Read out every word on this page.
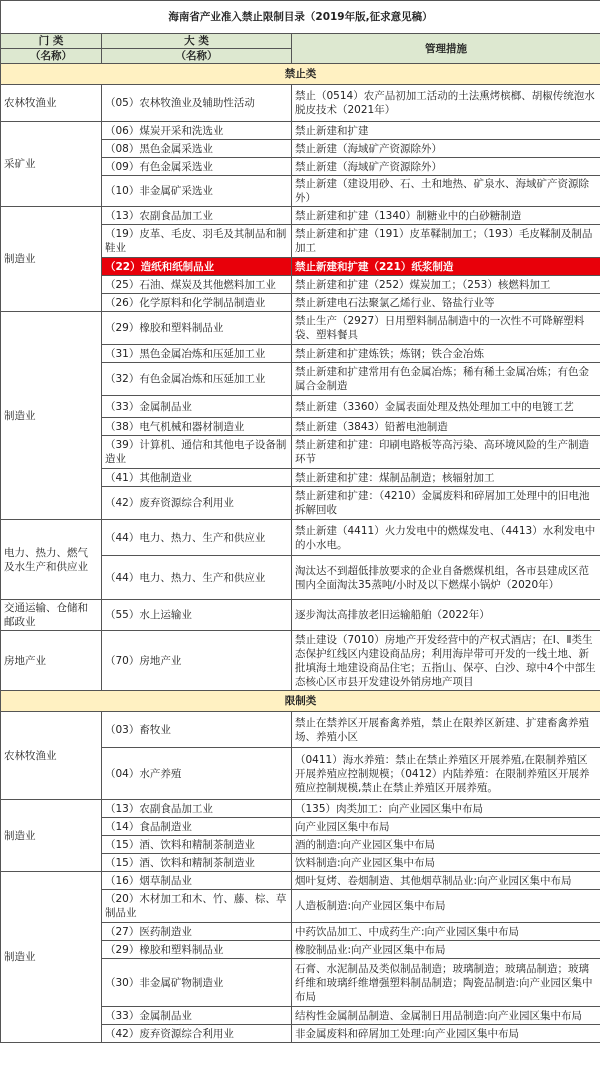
海南省产业准入禁止限制目录（2019年版,征求意见稿）		
门 类	大 类	管理措施
（名称）	（名称）	
禁止类		
农林牧渔业	（05）农林牧渔业及辅助性活动	禁止（0514）农产品初加工活动的土法熏烤槟榔、胡椒传统泡水脱皮技术（2021年）
采矿业	（06）煤炭开采和洗选业	禁止新建和扩建
	（08）黑色金属采选业	禁止新建（海域矿产资源除外）
	（09）有色金属采选业	禁止新建（海域矿产资源除外）
	（10）非金属矿采选业	禁止新建（建设用砂、石、土和地热、矿泉水、海域矿产资源除外）
制造业	（13）农副食品加工业	禁止新建和扩建（1340）制糖业中的白砂糖制造
	（19）皮革、毛皮、羽毛及其制品和制鞋业	禁止新建和扩建（191）皮革鞣制加工；（193）毛皮鞣制及制品加工
	（22）造纸和纸制品业	禁止新建和扩建（221）纸浆制造
	（25）石油、煤炭及其他燃料加工业	禁止新建和扩建（252）煤炭加工；（253）核燃料加工
	（26）化学原料和化学制品制造业	禁止新建电石法聚氯乙烯行业、铬盐行业等
制造业	（29）橡胶和塑料制品业	禁止生产（2927）日用塑料制品制造中的一次性不可降解塑料袋、塑料餐具
	（31）黑色金属冶炼和压延加工业	禁止新建和扩建炼铁；炼钢；铁合金冶炼
	（32）有色金属冶炼和压延加工业	禁止新建和扩建常用有色金属冶炼；稀有稀土金属冶炼；有色金属合金制造
	（33）金属制品业	禁止新建（3360）金属表面处理及热处理加工中的电镀工艺
	（38）电气机械和器材制造业	禁止新建（3843）铅蓄电池制造
	（39）计算机、通信和其他电子设备制造业	禁止新建和扩建：印刷电路板等高污染、高环境风险的生产制造环节
	（41）其他制造业	禁止新建和扩建：煤制品制造；核辐射加工
	（42）废弃资源综合利用业	禁止新建和扩建：（4210）金属废料和碎屑加工处理中的旧电池拆解回收
电力、热力、燃气及水生产和供应业	（44）电力、热力、生产和供应业	禁止新建（4411）火力发电中的燃煤发电、（4413）水利发电中的小水电。
	（44）电力、热力、生产和供应业	淘汰达不到超低排放要求的企业自备燃煤机组，各市县建成区范围内全面淘汰35蒸吨/小时及以下燃煤小锅炉（2020年）
交通运输、仓储和邮政业	（55）水上运输业	逐步淘汰高排放老旧运输船舶（2022年）
房地产业	（70）房地产业	禁止建设（7010）房地产开发经营中的产权式酒店；在Ⅰ、Ⅱ类生态保护红线区内建设商品房；利用海岸带可开发的一线土地、新批填海土地建设商品住宅；五指山、保亭、白沙、琼中4个中部生态核心区市县开发建设外销房地产项目
限制类		
农林牧渔业	（03）畜牧业	禁止在禁养区开展畜禽养殖，禁止在限养区新建、扩建畜禽养殖场、养殖小区
	（04）水产养殖	（0411）海水养殖：禁止在禁止养殖区开展养殖,在限制养殖区开展养殖应控制规模；（0412）内陆养殖：在限制养殖区开展养殖应控制规模,禁止在禁止养殖区开展养殖。
制造业	（13）农副食品加工业	（135）肉类加工：向产业园区集中布局
	（14）食品制造业	向产业园区集中布局
	（15）酒、饮料和精制茶制造业	酒的制造:向产业园区集中布局
	（15）酒、饮料和精制茶制造业	饮料制造:向产业园区集中布局
制造业	（16）烟草制品业	烟叶复烤、卷烟制造、其他烟草制品业:向产业园区集中布局
	（20）木材加工和木、竹、藤、棕、草制品业	人造板制造:向产业园区集中布局
	（27）医药制造业	中药饮品加工、中成药生产:向产业园区集中布局
	（29）橡胶和塑料制品业	橡胶制品业:向产业园区集中布局
	（30）非金属矿物制造业	石膏、水泥制品及类似制品制造；玻璃制造；玻璃品制造；玻璃纤维和玻璃纤维增强塑料制品制造；陶瓷品制造:向产业园区集中布局
	（33）金属制品业	结构性金属制品制造、金属制日用品制造:向产业园区集中布局
	（42）废弃资源综合利用业	非金属废料和碎屑加工处理:向产业园区集中布局
